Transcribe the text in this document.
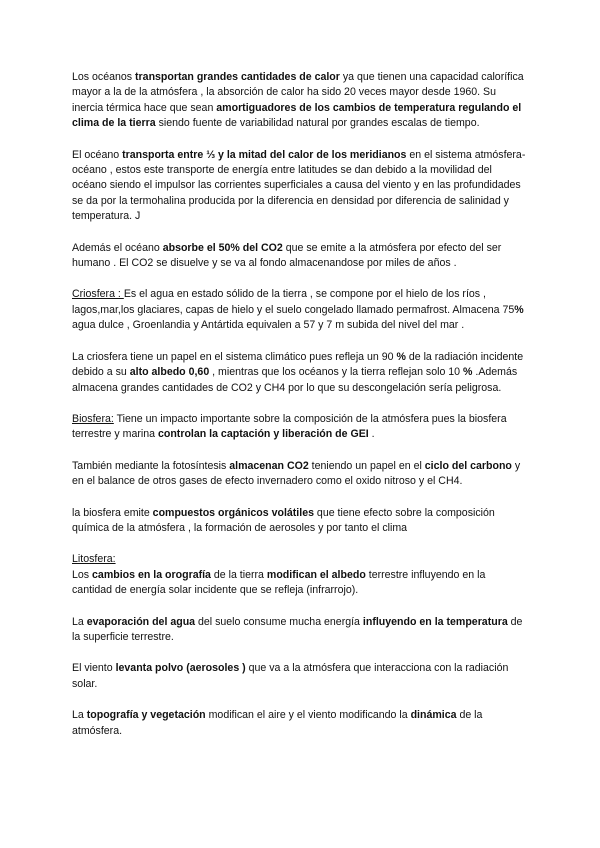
Los océanos transportan grandes cantidades de calor ya que tienen una capacidad calorífica mayor a la de la atmósfera , la absorción de calor ha sido 20 veces mayor desde 1960. Su inercia térmica hace que sean amortiguadores de los cambios de temperatura regulando el clima de la tierra siendo fuente de variabilidad natural por grandes escalas de tiempo.

El océano transporta entre ⅓ y la mitad del calor de los meridianos en el sistema atmósfera-océano , estos este transporte de energía entre latitudes se dan debido a la movilidad del océano siendo el impulsor las corrientes superficiales a causa del viento y en las profundidades se da por la termohalina producida por la diferencia en densidad por diferencia de salinidad y temperatura. J

Además el océano absorbe el 50% del CO2 que se emite a la atmósfera por efecto del ser humano . El CO2 se disuelve y se va al fondo almacenandose por miles de años .

Criosfera : Es el agua en estado sólido de la tierra , se compone por el hielo de los ríos , lagos,mar,los glaciares, capas de hielo y el suelo congelado llamado permafrost. Almacena 75% agua dulce , Groenlandia y Antártida equivalen a 57 y 7 m subida del nivel del mar .

La criosfera tiene un papel en el sistema climático pues refleja un 90 % de la radiación incidente debido a su alto albedo 0,60 , mientras que los océanos y la tierra reflejan solo 10 % .Además almacena grandes cantidades de CO2 y CH4 por lo que su descongelación sería peligrosa.

Biosfera: Tiene un impacto importante sobre la composición de la atmósfera pues la biosfera terrestre y marina controlan la captación y liberación de GEI .

También mediante la fotosíntesis almacenan CO2 teniendo un papel en el ciclo del carbono y en el balance de otros gases de efecto invernadero como el oxido nitroso y el CH4.

la biosfera emite compuestos orgánicos volátiles que tiene efecto sobre la composición química de la atmósfera , la formación de aerosoles y por tanto el clima

Litosfera:

Los cambios en la orografía de la tierra modifican el albedo terrestre influyendo en la cantidad de energía solar incidente que se refleja (infrarrojo).

La evaporación del agua del suelo consume mucha energía influyendo en la temperatura de la superficie terrestre.

El viento levanta polvo (aerosoles ) que va a la atmósfera que interacciona con la radiación solar.

La topografía y vegetación modifican el aire y el viento modificando la dinámica de la atmósfera.
